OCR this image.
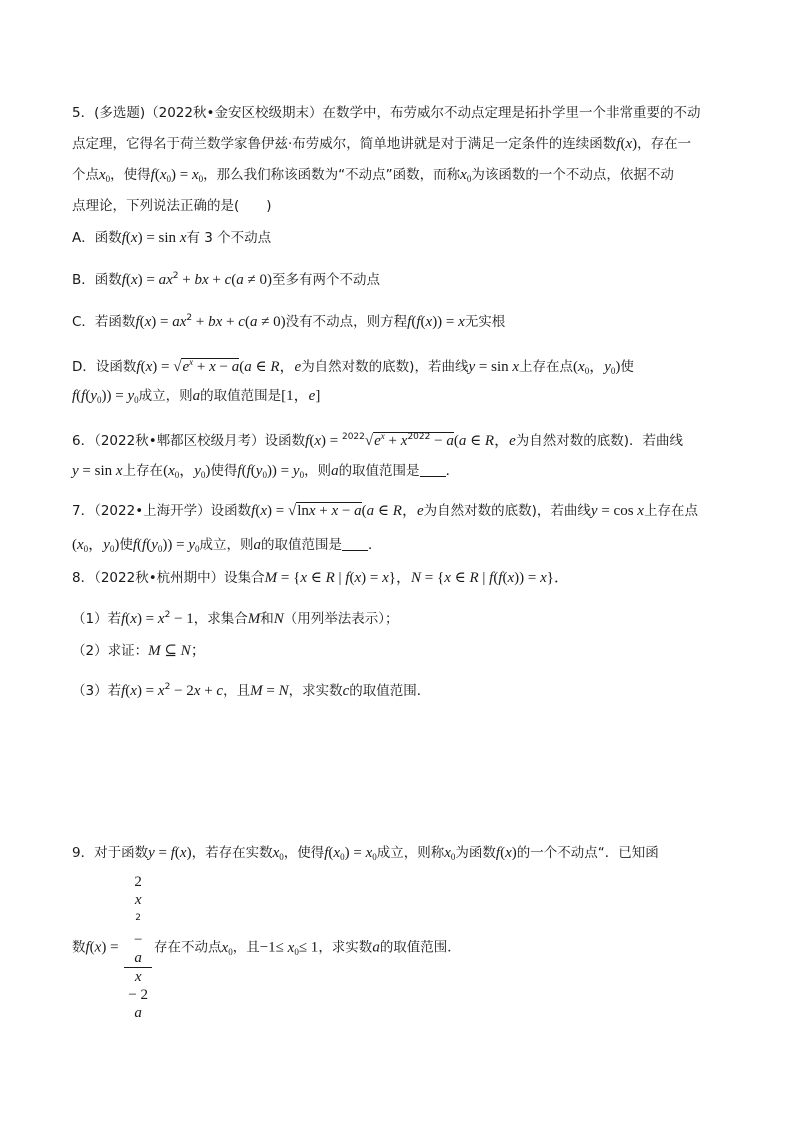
5．(多选题)（2022秋•金安区校级期末）在数学中，布劳威尔不动点定理是拓扑学里一个非常重要的不动
点定理，它得名于荷兰数学家鲁伊兹·布劳威尔，简单地讲就是对于满足一定条件的连续函数f(x)，存在一
个点$x_0$，使得$f(x_0) = x_0$，那么我们称该函数为“不动点”函数，而称$x_0$为该函数的一个不动点，依据不动
点理论，下列说法正确的是(　　)
A．函数f(x) = sin x有 3 个不动点
B．函数$f(x) = ax^2$ + bx + c(a ≠ 0)至多有两个不动点
C．若函数$f(x) = ax^2$ + bx + c(a ≠ 0)没有不动点，则方程f(f(x)) = x无实根
D．设函数$f(x) = √e^x + x - a(a$ ∈ R，e为自然对数的底数)，若曲线y = sin x上存在点($x_0$，$y_0$)使
$f(f(y_0)) = y_0$成立，则a的取值范围是[1，e]
6．（2022秋•郫都区校级月考）设函数$f(x) = ^{2022}√e^x + x^{2022} - a(a$ ∈ R，e为自然对数的底数)．若曲线
y = sin x上存在($x_0$，$y_0$)使得$f(f(y_0)) = y_0$，则a的取值范围是 ．
7．（2022•上海开学）设函数f(x) = √lnx + x − a(a ∈ R，e为自然对数的底数)，若曲线y = cos x上存在点
($x_0$，$y_0$)使$f(f(y_0)) = y_0$成立，则a的取值范围是 ．
8．（2022秋•杭州期中）设集合M = {x ∈ R | f(x) = x}，N = {x ∈ R | f(f(x)) = x}．
（1）若$f(x) = x^2 - 1$，求集合M和N（用列举法表示）；
（2）求证：M ⊆ N；
（3）若$f(x) = x^2 - 2x + c$，且M = N，求实数c的取值范围．
9．对于函数y = f(x)，若存在实数$x_0$，使得$f(x_0) = x_0$成立，则称$x_0$为函数f(x)的一个不动点“．已知函
数f(x) = 2
x
$^2$
−
a
x
− 2
a 存在不动点$x_0$，且$-1\le x_0\le 1$，求实数a的取值范围．
